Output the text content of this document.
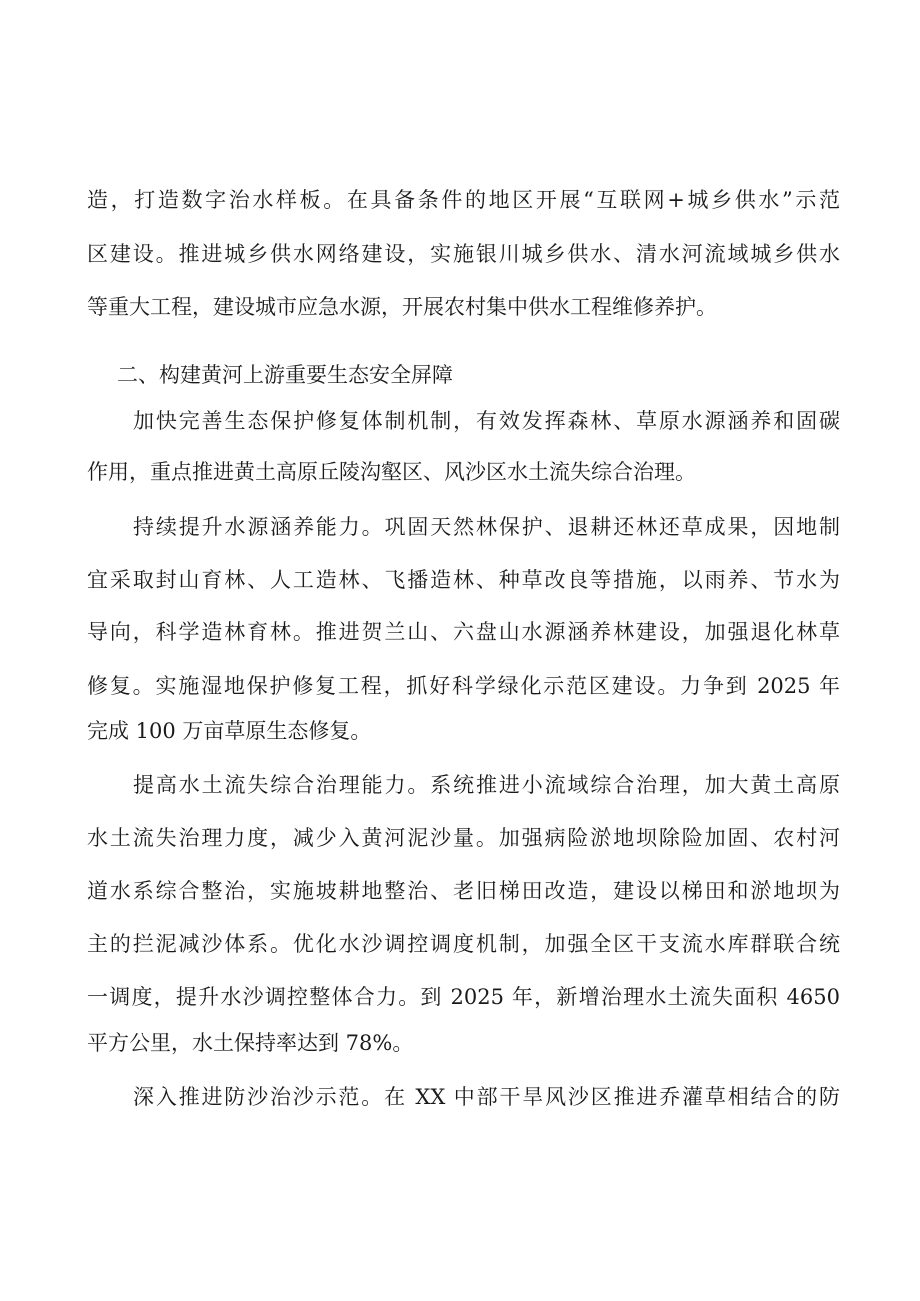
造，打造数字治水样板。在具备条件的地区开展“互联网+城乡供水”示范
区建设。推进城乡供水网络建设，实施银川城乡供水、清水河流域城乡供水
等重大工程，建设城市应急水源，开展农村集中供水工程维修养护。
二、构建黄河上游重要生态安全屏障
加快完善生态保护修复体制机制，有效发挥森林、草原水源涵养和固碳
作用，重点推进黄土高原丘陵沟壑区、风沙区水土流失综合治理。
持续提升水源涵养能力。巩固天然林保护、退耕还林还草成果，因地制
宜采取封山育林、人工造林、飞播造林、种草改良等措施，以雨养、节水为
导向，科学造林育林。推进贺兰山、六盘山水源涵养林建设，加强退化林草
修复。实施湿地保护修复工程，抓好科学绿化示范区建设。力争到 2025 年
完成 100 万亩草原生态修复。
提高水土流失综合治理能力。系统推进小流域综合治理，加大黄土高原
水土流失治理力度，减少入黄河泥沙量。加强病险淤地坝除险加固、农村河
道水系综合整治，实施坡耕地整治、老旧梯田改造，建设以梯田和淤地坝为
主的拦泥减沙体系。优化水沙调控调度机制，加强全区干支流水库群联合统
一调度，提升水沙调控整体合力。到 2025 年，新增治理水土流失面积 4650
平方公里，水土保持率达到 78%。
深入推进防沙治沙示范。在 XX 中部干旱风沙区推进乔灌草相结合的防
